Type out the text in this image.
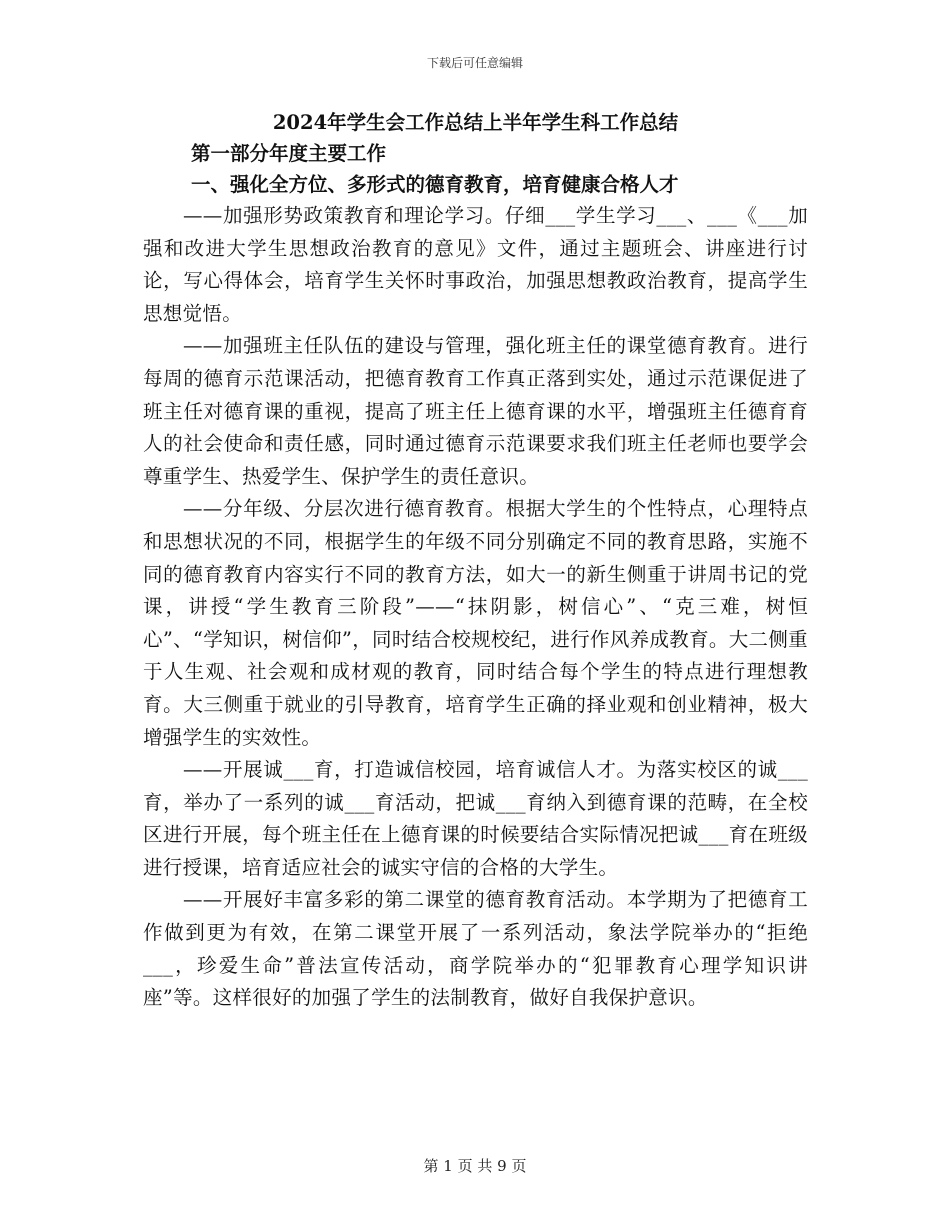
下载后可任意编辑

2024年学生会工作总结上半年学生科工作总结

第一部分年度主要工作

一、强化全方位、多形式的德育教育，培育健康合格人才

——加强形势政策教育和理论学习。仔细___学生学习___、___《___加强和改进大学生思想政治教育的意见》文件，通过主题班会、讲座进行讨论，写心得体会，培育学生关怀时事政治，加强思想教政治教育，提高学生思想觉悟。

——加强班主任队伍的建设与管理，强化班主任的课堂德育教育。进行每周的德育示范课活动，把德育教育工作真正落到实处，通过示范课促进了班主任对德育课的重视，提高了班主任上德育课的水平，增强班主任德育育人的社会使命和责任感，同时通过德育示范课要求我们班主任老师也要学会尊重学生、热爱学生、保护学生的责任意识。

——分年级、分层次进行德育教育。根据大学生的个性特点，心理特点和思想状况的不同，根据学生的年级不同分别确定不同的教育思路，实施不同的德育教育内容实行不同的教育方法，如大一的新生侧重于讲周书记的党课，讲授“学生教育三阶段”——“抹阴影，树信心”、“克三难，树恒心”、“学知识，树信仰”，同时结合校规校纪，进行作风养成教育。大二侧重于人生观、社会观和成材观的教育，同时结合每个学生的特点进行理想教育。大三侧重于就业的引导教育，培育学生正确的择业观和创业精神，极大增强学生的实效性。

——开展诚___育，打造诚信校园，培育诚信人才。为落实校区的诚___育，举办了一系列的诚___育活动，把诚___育纳入到德育课的范畴，在全校区进行开展，每个班主任在上德育课的时候要结合实际情况把诚___育在班级进行授课，培育适应社会的诚实守信的合格的大学生。

——开展好丰富多彩的第二课堂的德育教育活动。本学期为了把德育工作做到更为有效，在第二课堂开展了一系列活动，象法学院举办的“拒绝___，珍爱生命”普法宣传活动，商学院举办的“犯罪教育心理学知识讲座”等。这样很好的加强了学生的法制教育，做好自我保护意识。

第 1 页 共 9 页
